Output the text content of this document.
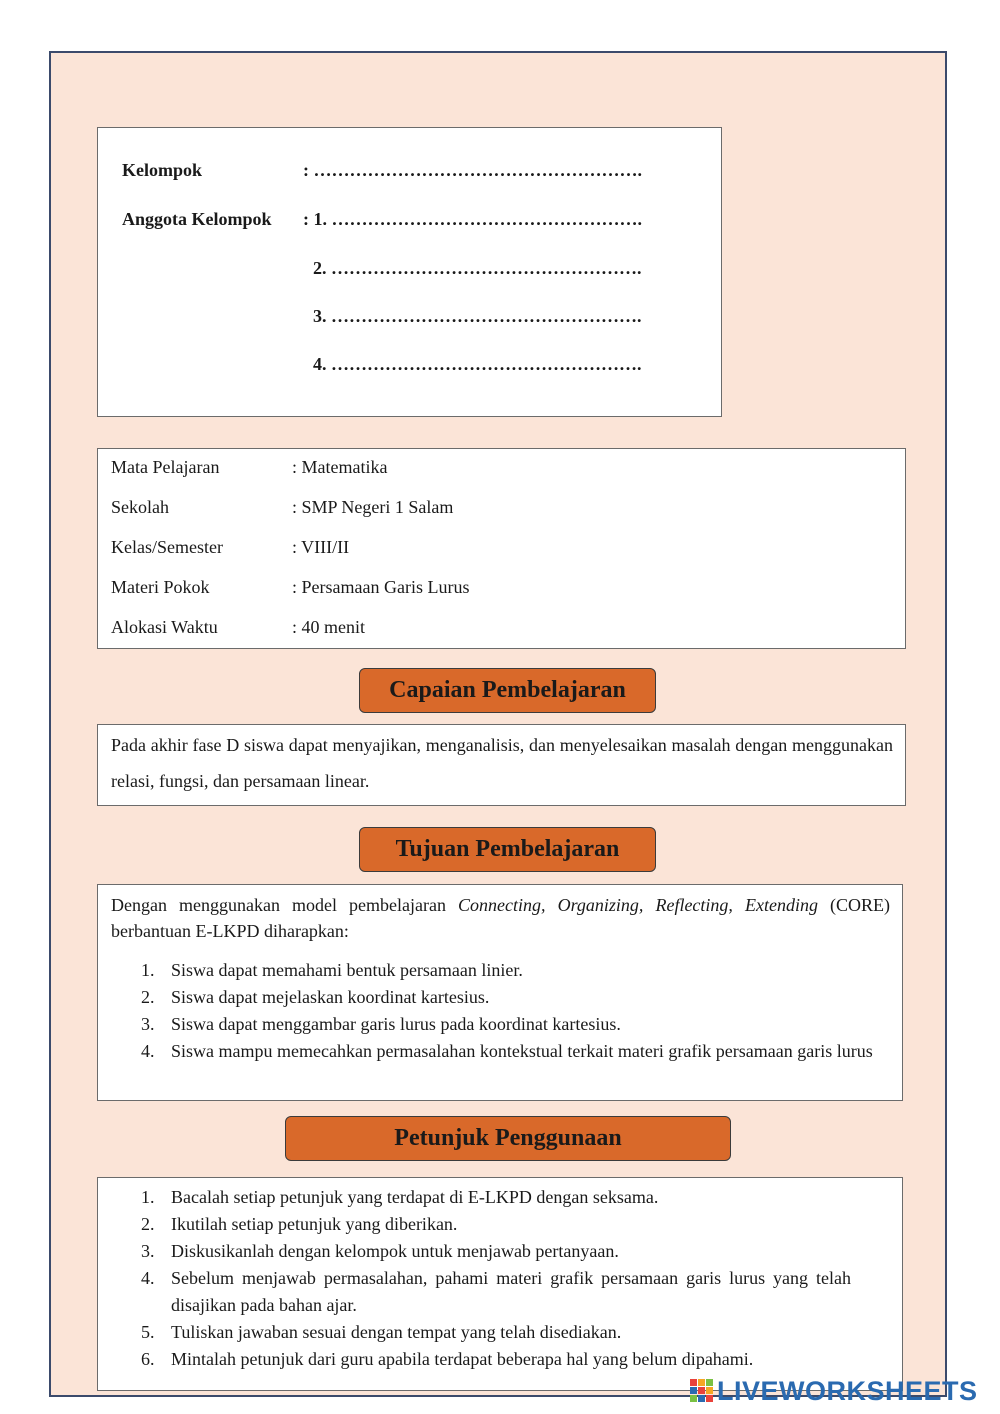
Kelompok	: ……………………………………………….
Anggota Kelompok : 1. …………………………………………….
2. …………………………………………….
3. …………………………………………….
4. …………………………………………….
Mata Pelajaran	: Matematika
Sekolah	: SMP Negeri 1 Salam
Kelas/Semester	: VIII/II
Materi Pokok	: Persamaan Garis Lurus
Alokasi Waktu	: 40 menit
Capaian Pembelajaran
Pada akhir fase D siswa dapat menyajikan, menganalisis, dan menyelesaikan masalah dengan menggunakan relasi, fungsi, dan persamaan linear.
Tujuan Pembelajaran
Dengan menggunakan model pembelajaran Connecting, Organizing, Reflecting, Extending (CORE) berbantuan E-LKPD diharapkan:
1. Siswa dapat memahami bentuk persamaan linier.
2. Siswa dapat mejelaskan koordinat kartesius.
3. Siswa dapat menggambar garis lurus pada koordinat kartesius.
4. Siswa mampu memecahkan permasalahan kontekstual terkait materi grafik persamaan garis lurus
Petunjuk Penggunaan
1. Bacalah setiap petunjuk yang terdapat di E-LKPD dengan seksama.
2. Ikutilah setiap petunjuk yang diberikan.
3. Diskusikanlah dengan kelompok untuk menjawab pertanyaan.
4. Sebelum menjawab permasalahan, pahami materi grafik persamaan garis lurus yang telah disajikan pada bahan ajar.
5. Tuliskan jawaban sesuai dengan tempat yang telah disediakan.
6. Mintalah petunjuk dari guru apabila terdapat beberapa hal yang belum dipahami.
LIVEWORKSHEETS
